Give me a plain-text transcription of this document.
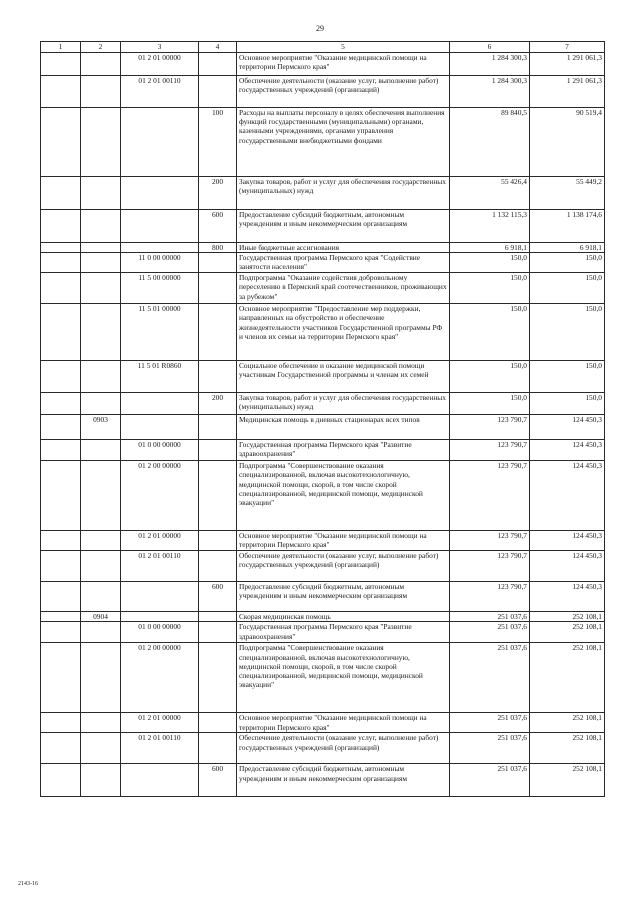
29
1	2	3	4	5	6	7
		01 2 01 00000		Основное мероприятие "Оказание медицинской помощи на территории Пермского края"	1 284 300,3	1 291 061,3
		01 2 01 00110		Обеспечение деятельности (оказание услуг, выполнение работ) государственных учреждений (организаций)	1 284 300,3	1 291 061,3
			100	Расходы на выплаты персоналу в целях обеспечения выполнения функций государственными (муниципальными) органами, казенными учреждениями, органами управления государственными внебюджетными фондами	89 840,5	90 519,4
			200	Закупка товаров, работ и услуг для обеспечения государственных (муниципальных) нужд	55 426,4	55 449,2
			600	Предоставление субсидий бюджетным, автономным учреждениям и иным некоммерческим организациям	1 132 115,3	1 138 174,6
			800	Иные бюджетные ассигнования	6 918,1	6 918,1
		11 0 00 00000		Государственная программа Пермского края "Содействие занятости населения"	150,0	150,0
		11 5 00 00000		Подпрограмма "Оказание содействия добровольному переселению в Пермский край соотечественников, проживающих за рубежом"	150,0	150,0
		11 5 01 00000		Основное мероприятие "Предоставление мер поддержки, направленных на обустройство и обеспечение жизнедеятельности участников Государственной программы РФ и членов их семьи на территории Пермского края"	150,0	150,0
		11 5 01 R0860		Социальное обеспечение и оказание медицинской помощи участникам Государственной программы и членам их семей	150,0	150,0
			200	Закупка товаров, работ и услуг для обеспечения государственных (муниципальных) нужд	150,0	150,0
	0903			Медицинская помощь в дневных стационарах всех типов	123 790,7	124 450,3
		01 0 00 00000		Государственная программа Пермского края "Развитие здравоохранения"	123 790,7	124 450,3
		01 2 00 00000		Подпрограмма "Совершенствование оказания специализированной, включая высокотехнологичную, медицинской помощи, скорой, в том числе скорой специализированной, медицинской помощи, медицинской эвакуации"	123 790,7	124 450,3
		01 2 01 00000		Основное мероприятие "Оказание медицинской помощи на территории Пермского края"	123 790,7	124 450,3
		01 2 01 00110		Обеспечение деятельности (оказание услуг, выполнение работ) государственных учреждений (организаций)	123 790,7	124 450,3
			600	Предоставление субсидий бюджетным, автономным учреждениям и иным некоммерческим организациям	123 790,7	124 450,3
	0904			Скорая медицинская помощь	251 037,6	252 108,1
		01 0 00 00000		Государственная программа Пермского края "Развитие здравоохранения"	251 037,6	252 108,1
		01 2 00 00000		Подпрограмма "Совершенствование оказания специализированной, включая высокотехнологичную, медицинской помощи, скорой, в том числе скорой специализированной, медицинской помощи, медицинской эвакуации"	251 037,6	252 108,1
		01 2 01 00000		Основное мероприятие "Оказание медицинской помощи на территории Пермского края"	251 037,6	252 108,1
		01 2 01 00110		Обеспечение деятельности (оказание услуг, выполнение работ) государственных учреждений (организаций)	251 037,6	252 108,1
			600	Предоставление субсидий бюджетным, автономным учреждениям и иным некоммерческим организациям	251 037,6	252 108,1
2143-16
